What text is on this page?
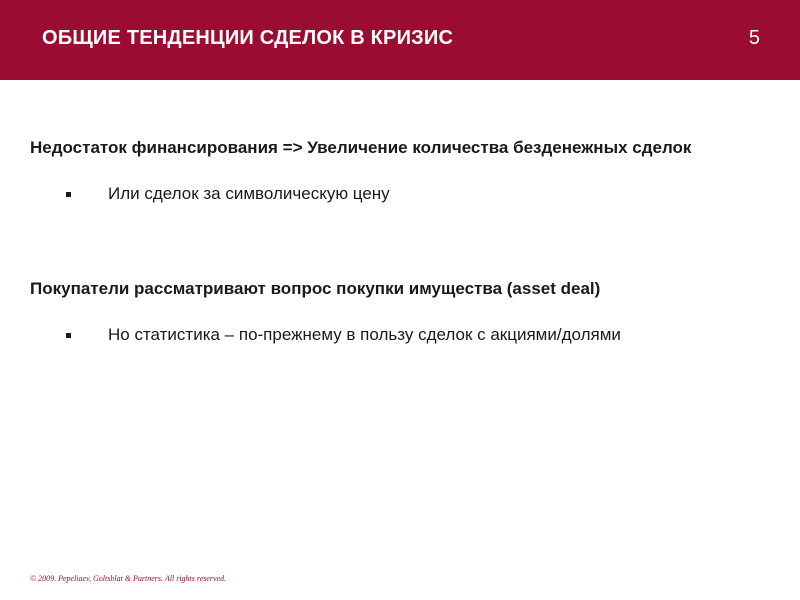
ОБЩИЕ ТЕНДЕНЦИИ СДЕЛОК В КРИЗИС	5

Недостаток финансирования => Увеличение количества безденежных сделок

Или сделок за символическую цену

Покупатели рассматривают вопрос покупки имущества (asset deal)

Но статистика – по-прежнему в пользу сделок с акциями/долями
© 2009. Pepeliaev, Goltsblat & Partners. All rights reserved.
